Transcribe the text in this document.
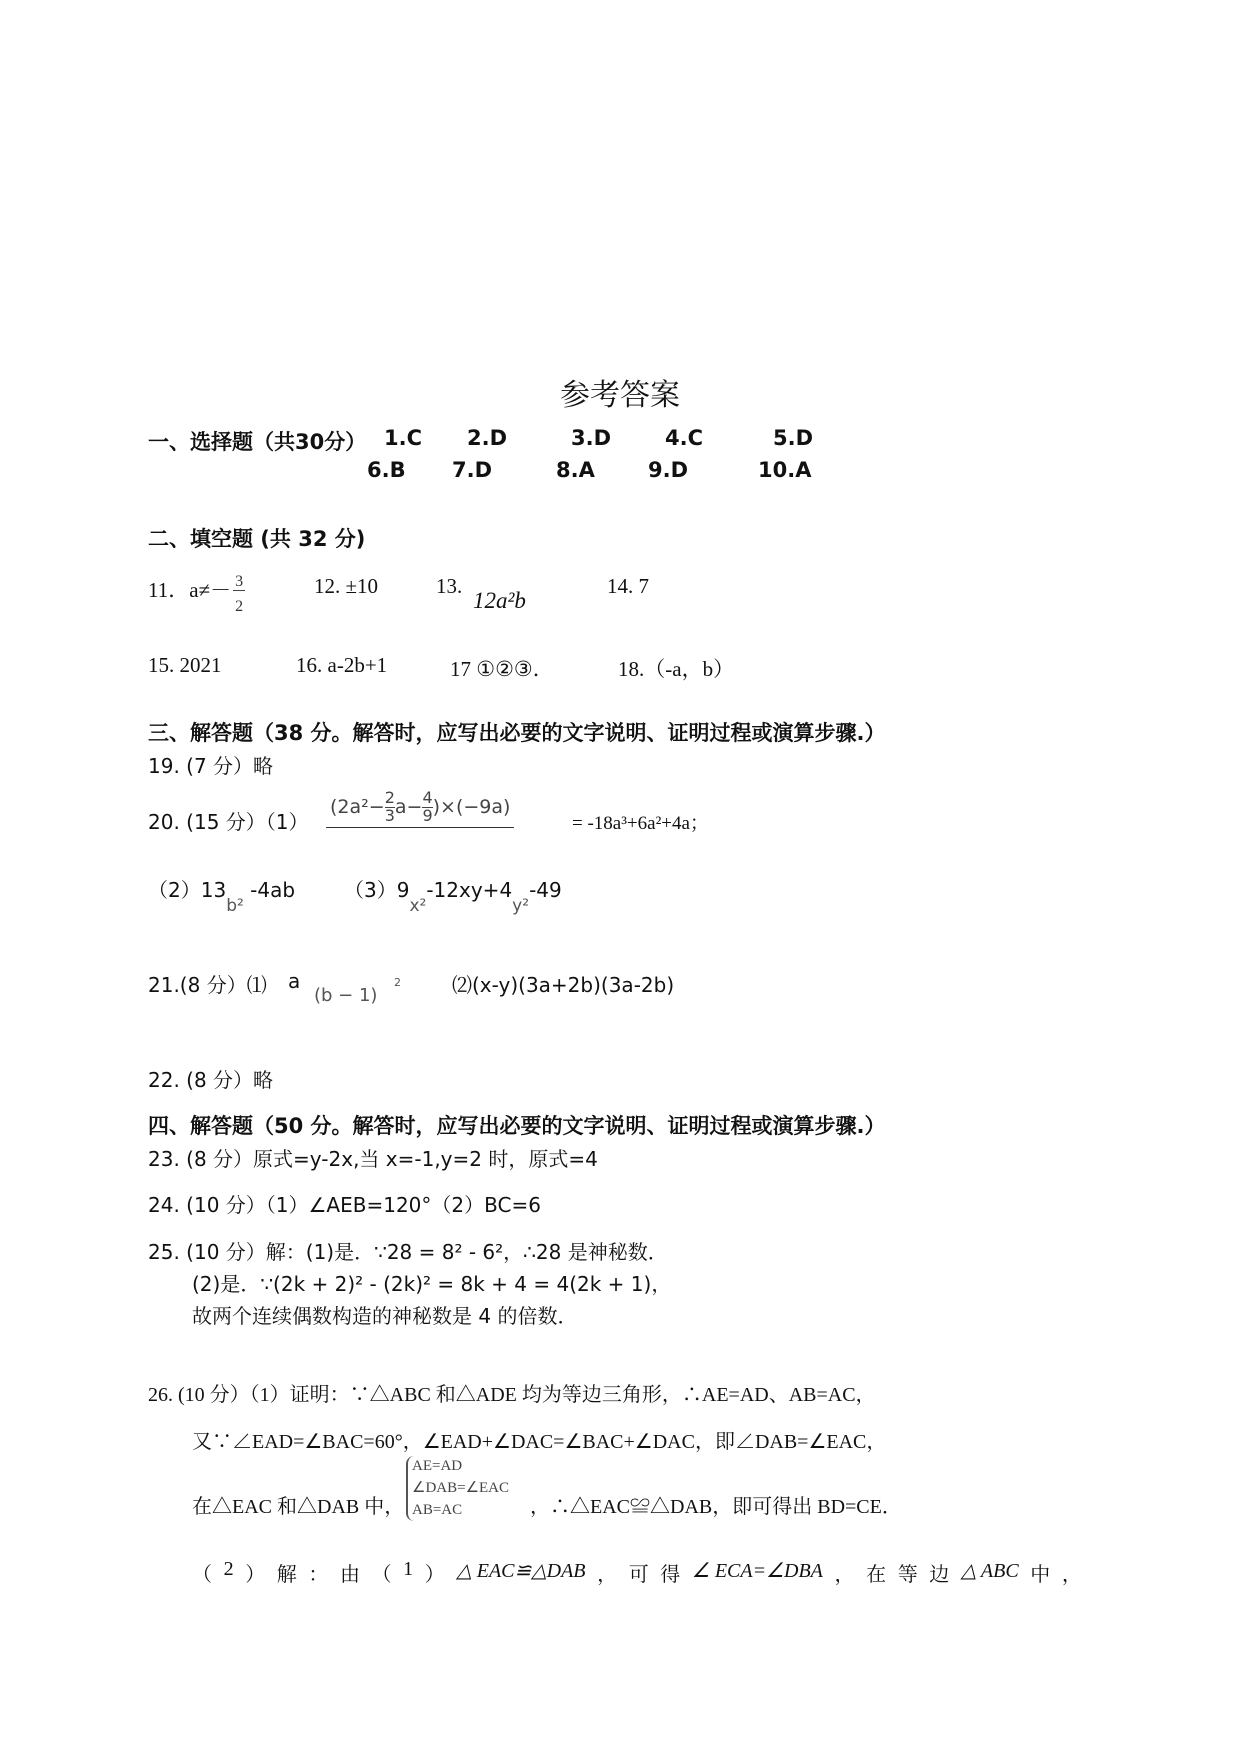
参考答案
一、选择题（共30分） 1.C 2.D	3.D	4.C	5.D
6.B 7.D	8.A	9.D	10.A
二、填空题 (共 32 分)
11．$a\ne- \frac{3}{2}$	12. ±10	13.
12a²b
14. 7
15. 2021	16. a-2b+1	17 ①②③．	18.（-a，b）
三、解答题（38 分。解答时，应写出必要的文字说明、证明过程或演算步骤.）
19. (7 分）略
20. (15 分）（1）
$(2a^2- \frac{2}{3} a- \frac{4}{9} )\times(-9a)$
= -18a³+6a²+4a；
$(2)13_{b^2}$ -4ab $(3)9_{x^2}-12xy+4_{y^2}-49$
21.(8 分）⑴ a
(b − 1)
2	⑵(x-y)(3a+2b)(3a-2b)
22. (8 分）略
四、解答题（50 分。解答时，应写出必要的文字说明、证明过程或演算步骤.）
23. (8 分）原式=y-2x,当 x=-1,y=2 时，原式=4
24. (10 分）（1）∠AEB=120°（2）BC=6
25. (10 分）解：(1)是．∵28 = 8² - 6²，∴28 是神秘数．
(2)是．∵(2k + 2)² - (2k)² = 8k + 4 = 4(2k + 1)，
故两个连续偶数构造的神秘数是 4 的倍数．
26. (10 分）（1）证明：∵△ABC 和△ADE 均为等边三角形，∴AE=AD、AB=AC，
又∵∠EAD=∠BAC=60°，∠EAD+∠DAC=∠BAC+∠DAC，即∠DAB=∠EAC，
在△EAC 和△DAB 中，
AE=AD
∠DAB=∠EAC
AB=AC	，∴△EAC≌△DAB，即可得出 BD=CE．
（ 2 ） 解 ： 由 （ 1 ） △ EAC≌△DAB ， 可 得 ∠ ECA=∠DBA ， 在 等 边 △ ABC 中 ，
